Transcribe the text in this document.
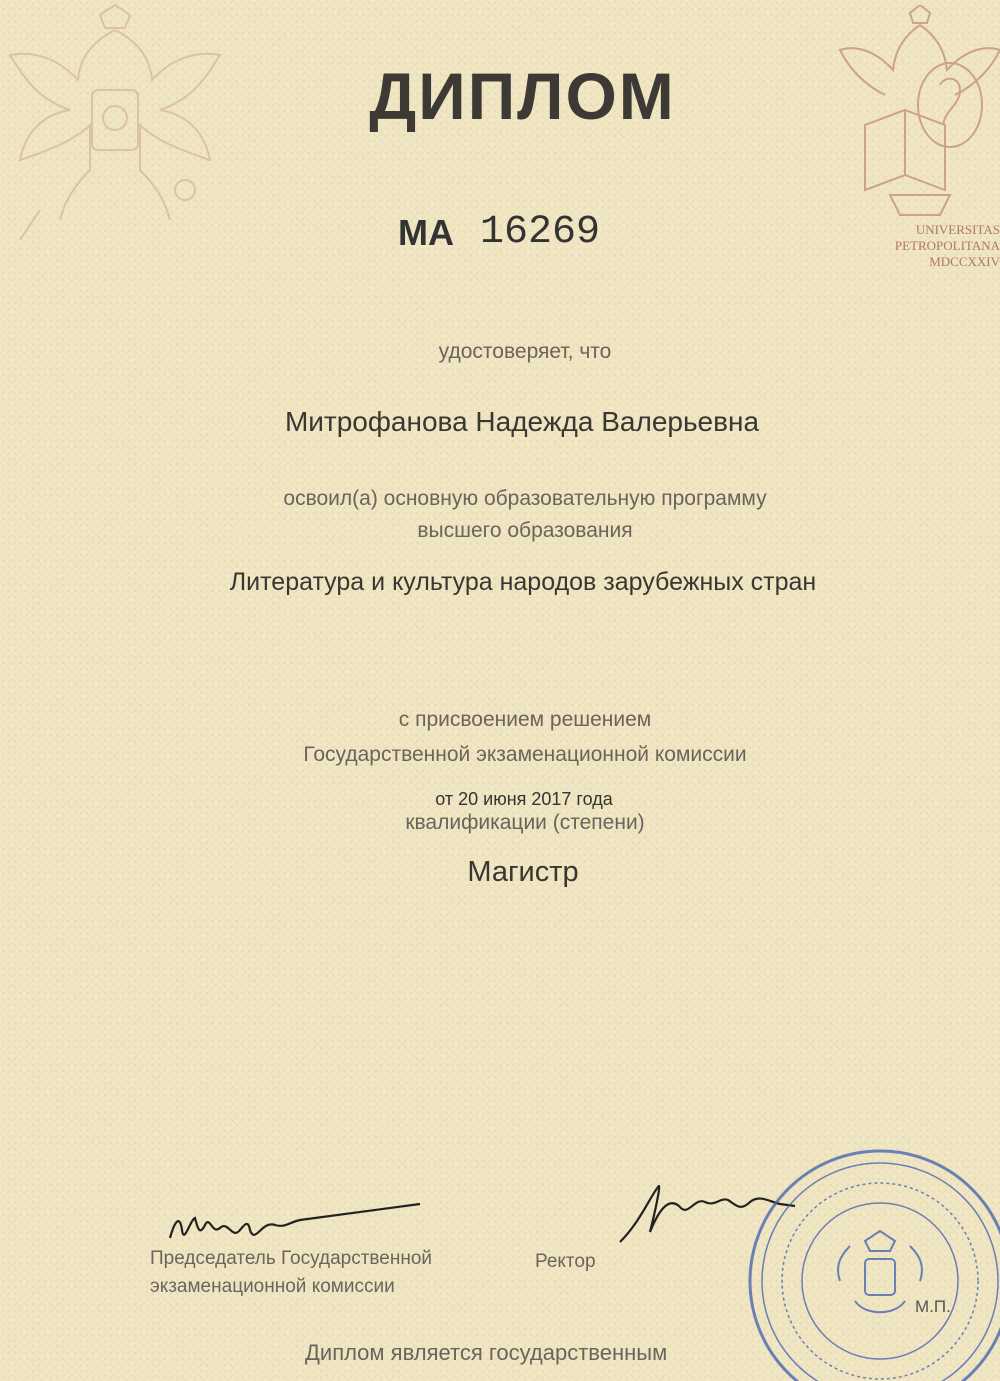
UNIVERSITAS
PETROPOLITANA
MDCCXXIV
ДИПЛОМ
МА 16269
удостоверяет, что
Митрофанова Надежда Валерьевна
освоил(а) основную образовательную программу
высшего образования
Литература и культура народов зарубежных стран
с присвоением решением
Государственной экзаменационной комиссии
от 20 июня 2017 года
квалификации (степени)
Магистр
Председатель Государственной
экзаменационной комиссии
Ректор
М.П.
Диплом является государственным
